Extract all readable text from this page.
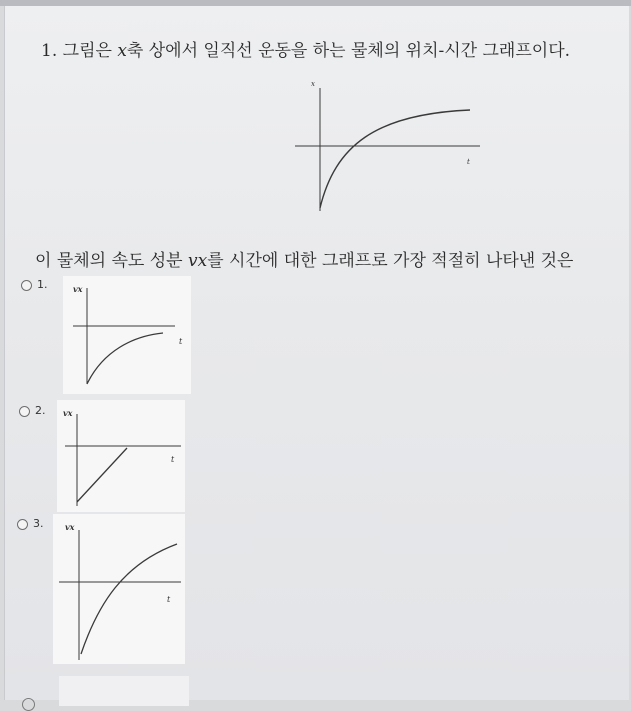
1. 그림은 x축 상에서 일직선 운동을 하는 물체의 위치-시간 그래프이다.

x
t

이 물체의 속도 성분 vx를 시간에 대한 그래프로 가장 적절히 나타낸 것은

1.	vx
t
2. vx
t
3.	vx
t
